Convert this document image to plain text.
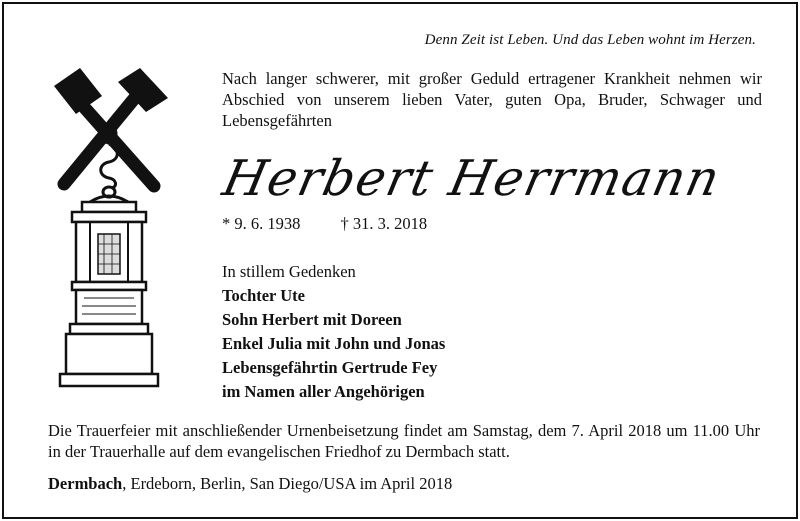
Denn Zeit ist Leben. Und das Leben wohnt im Herzen.
Nach langer schwerer, mit großer Geduld ertragener Krankheit nehmen wir Abschied von unserem lieben Vater, guten Opa, Bruder, Schwager und Lebensgefährten
Herbert Herrmann
* 9. 6. 1938 † 31. 3. 2018
In stillem Gedenken
Tochter Ute
Sohn Herbert mit Doreen
Enkel Julia mit John und Jonas
Lebensgefährtin Gertrude Fey
im Namen aller Angehörigen
Die Trauerfeier mit anschließender Urnenbeisetzung findet am Samstag, dem 7. April 2018 um 11.00 Uhr in der Trauerhalle auf dem evangelischen Friedhof zu Dermbach statt.
Dermbach, Erdeborn, Berlin, San Diego/USA im April 2018
